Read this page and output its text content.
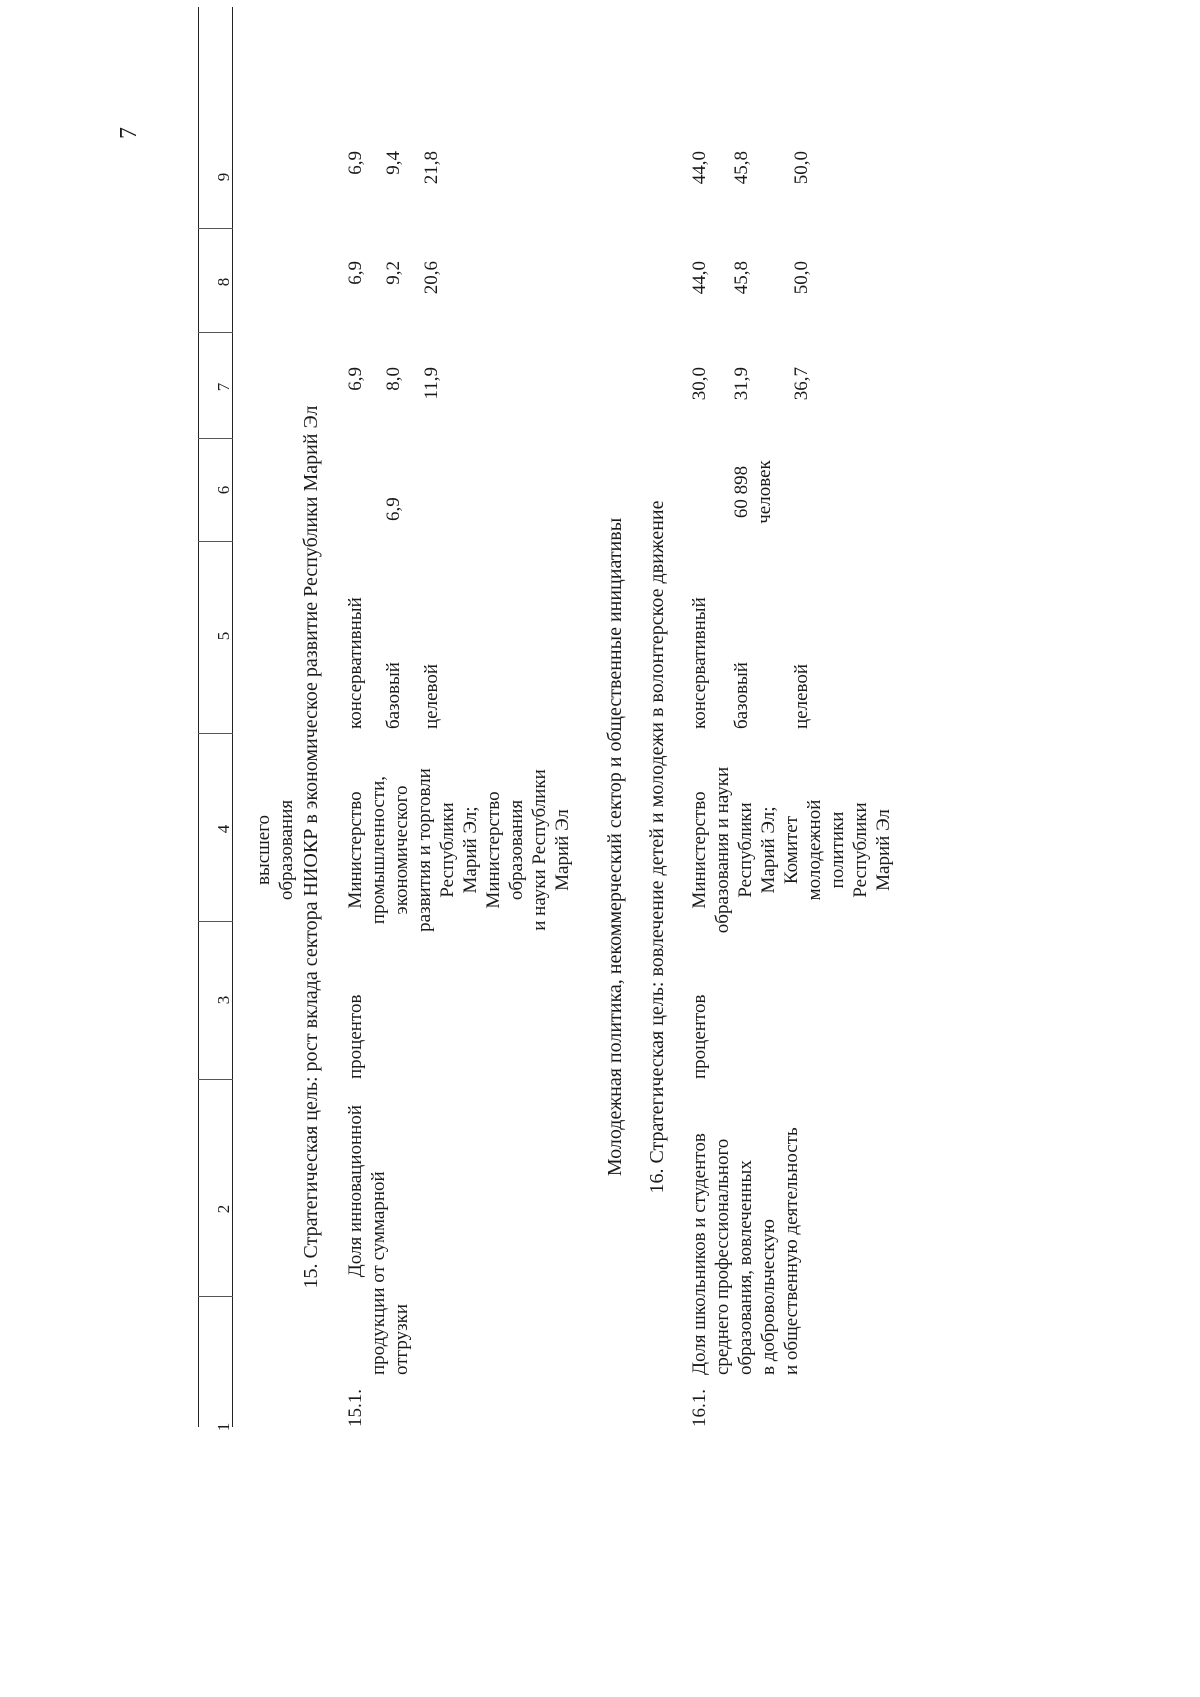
7
1
2
3
4
5
6
7
8
9
высшего образования 15. Стратегическая цель: рост вклада сектора НИОКР в экономическое развитие Республики Марий Эл
15.1.
Доля инновационной продукции от суммарной отгрузки
процентов
Министерство промышленности, экономического развития и торговли Республики Марий Эл; Министерство образования и науки Республики Марий Эл
консервативный базовый целевой
6,9
6,9 8,0 11,9
6,9 9,2 20,6
6,9 9,4 21,8
Молодежная политика, некоммерческий сектор и общественные инициативы 16. Стратегическая цель: вовлечение детей и молодежи в волонтерское движение
16.1.
Доля школьников и студентов среднего профессионального образования, вовлеченных в добровольческую и общественную деятельность
процентов
Министерство образования и науки Республики Марий Эл; Комитет молодежной политики Республики Марий Эл
консервативный базовый целевой
60 898 человек
30,0 31,9 36,7
44,0 45,8 50,0
44,0 45,8 50,0
